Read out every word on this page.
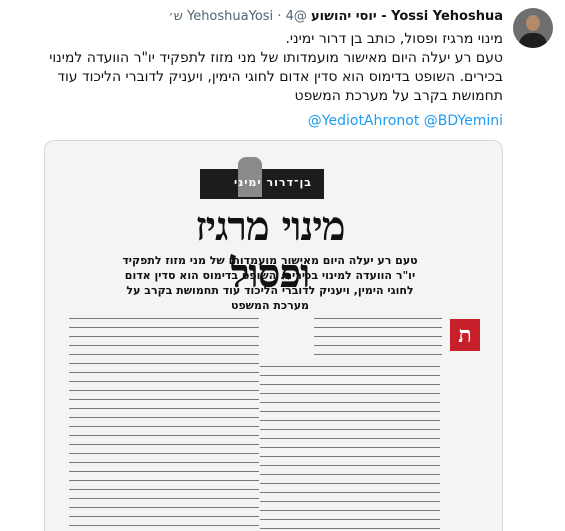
Yossi Yehoshua - יוסי יהושוע @YehoshuaYosi · 4 ש׳

מינוי מרגיז ופסול, כותב בן דרור ימיני.

טעם רע יעלה היום מאישור מועמדותו של מני מזוז לתפקיד יו"ר הוועדה למינוי בכירים. השופט בדימוס הוא סדין אדום לחוגי הימין, ויעניק לדוברי הליכוד עוד תחמושת בקרב על מערכת המשפט

@YediotAhronot @BDYemini
בן־דרור ימיני
מינוי מרגיז ופסול
טעם רע יעלה היום מאישור מועמדותו של מני מזוז לתפקיד יו"ר הוועדה למינוי בכירים. השופט בדימוס הוא סדין אדום לחוגי הימין, ויעניק לדוברי הליכוד עוד תחמושת בקרב על מערכת המשפט
ת
